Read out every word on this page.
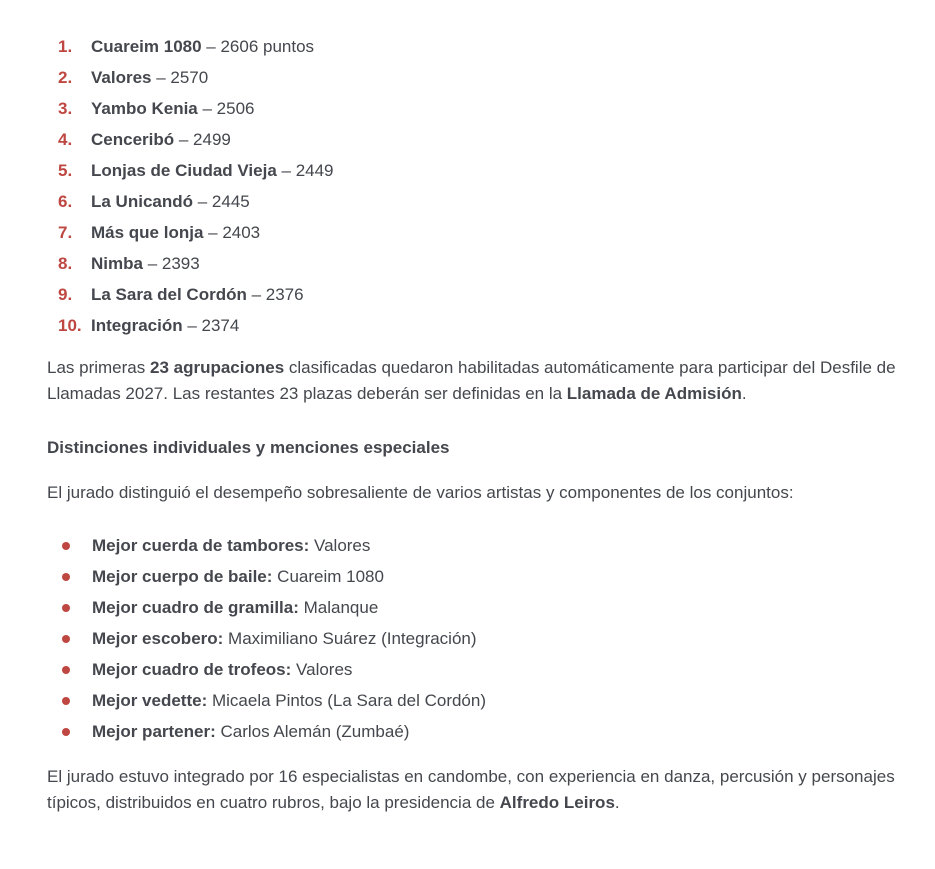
1.	Cuareim 1080 – 2606 puntos
2.	Valores – 2570
3.	Yambo Kenia – 2506
4.	Cenceribó – 2499
5.	Lonjas de Ciudad Vieja – 2449
6.	La Unicandó – 2445
7.	Más que lonja – 2403
8.	Nimba – 2393
9.	La Sara del Cordón – 2376
10. Integración – 2374

Las primeras 23 agrupaciones clasificadas quedaron habilitadas automáticamente para participar del Desfile de Llamadas 2027. Las restantes 23 plazas deberán ser definidas en la Llamada de Admisión.

Distinciones individuales y menciones especiales

El jurado distinguió el desempeño sobresaliente de varios artistas y componentes de los conjuntos:

Mejor cuerda de tambores: Valores
Mejor cuerpo de baile: Cuareim 1080
Mejor cuadro de gramilla: Malanque
Mejor escobero: Maximiliano Suárez (Integración)
Mejor cuadro de trofeos: Valores
Mejor vedette: Micaela Pintos (La Sara del Cordón)
Mejor partener: Carlos Alemán (Zumbaé)

El jurado estuvo integrado por 16 especialistas en candombe, con experiencia en danza, percusión y personajes típicos, distribuidos en cuatro rubros, bajo la presidencia de Alfredo Leiros.
